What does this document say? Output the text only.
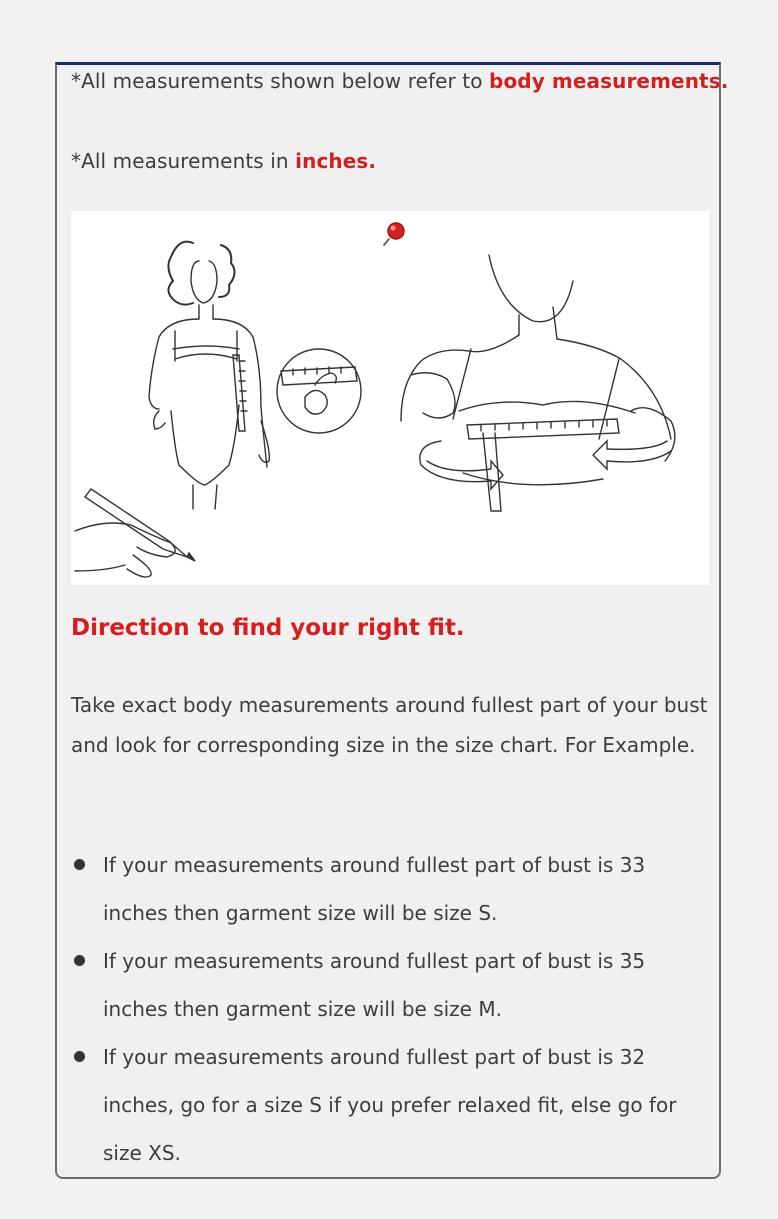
*All measurements shown below refer to body measurements.
*All measurements in inches.
Direction to find your right fit.

Take exact body measurements around fullest part of your bust and look for corresponding size in the size chart. For Example.

If your measurements around fullest part of bust is 33 inches then garment size will be size S.
If your measurements around fullest part of bust is 35 inches then garment size will be size M.
If your measurements around fullest part of bust is 32 inches, go for a size S if you prefer relaxed fit, else go for size XS.
